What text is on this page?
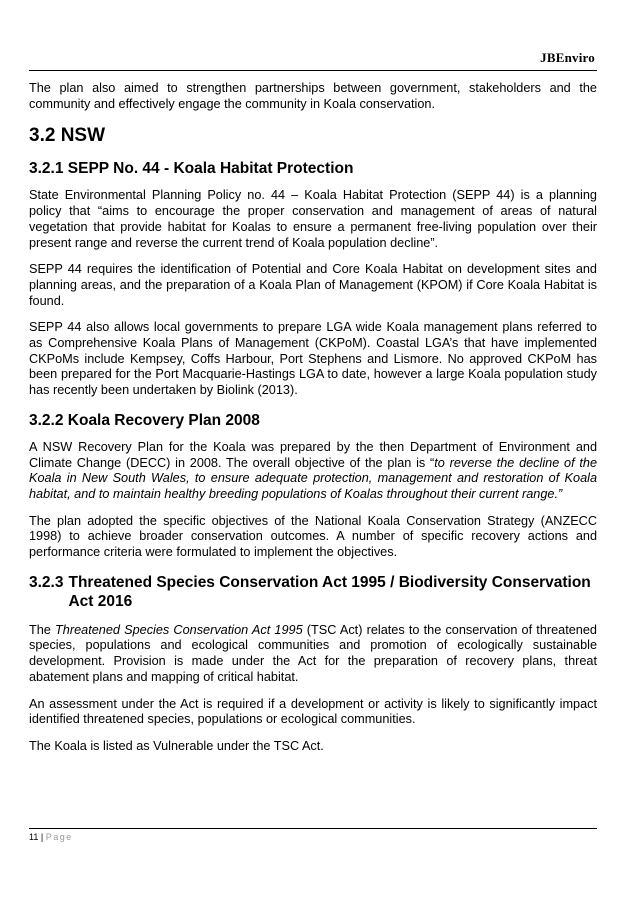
JBEnviro

The plan also aimed to strengthen partnerships between government, stakeholders and the community and effectively engage the community in Koala conservation.

3.2 NSW
3.2.1 SEPP No. 44 - Koala Habitat Protection

State Environmental Planning Policy no. 44 – Koala Habitat Protection (SEPP 44) is a planning policy that “aims to encourage the proper conservation and management of areas of natural vegetation that provide habitat for Koalas to ensure a permanent free-living population over their present range and reverse the current trend of Koala population decline”.

SEPP 44 requires the identification of Potential and Core Koala Habitat on development sites and planning areas, and the preparation of a Koala Plan of Management (KPOM) if Core Koala Habitat is found.

SEPP 44 also allows local governments to prepare LGA wide Koala management plans referred to as Comprehensive Koala Plans of Management (CKPoM). Coastal LGA’s that have implemented CKPoMs include Kempsey, Coffs Harbour, Port Stephens and Lismore. No approved CKPoM has been prepared for the Port Macquarie-Hastings LGA to date, however a large Koala population study has recently been undertaken by Biolink (2013).

3.2.2 Koala Recovery Plan 2008

A NSW Recovery Plan for the Koala was prepared by the then Department of Environment and Climate Change (DECC) in 2008. The overall objective of the plan is “to reverse the decline of the Koala in New South Wales, to ensure adequate protection, management and restoration of Koala habitat, and to maintain healthy breeding populations of Koalas throughout their current range.”

The plan adopted the specific objectives of the National Koala Conservation Strategy (ANZECC 1998) to achieve broader conservation outcomes. A number of specific recovery actions and performance criteria were formulated to implement the objectives.

3.2.3 Threatened Species Conservation Act 1995 / Biodiversity Conservation Act 2016

The Threatened Species Conservation Act 1995 (TSC Act) relates to the conservation of threatened species, populations and ecological communities and promotion of ecologically sustainable development. Provision is made under the Act for the preparation of recovery plans, threat abatement plans and mapping of critical habitat.

An assessment under the Act is required if a development or activity is likely to significantly impact identified threatened species, populations or ecological communities.

The Koala is listed as Vulnerable under the TSC Act.

11 | Page
